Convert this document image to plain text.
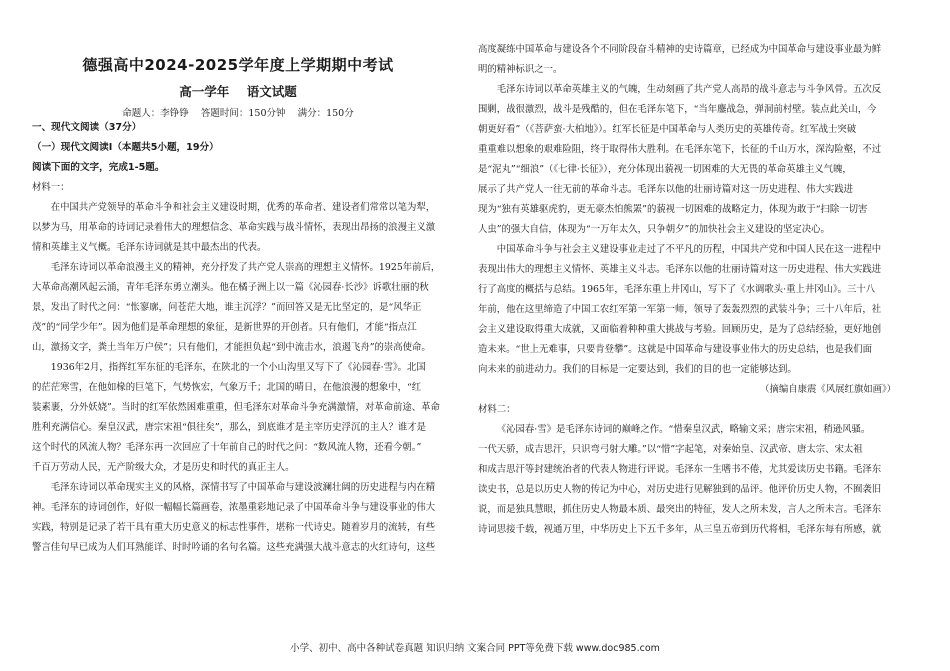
德强高中2024-2025学年度上学期期中考试
高一学年    语文试题
命题人：李铮铮    答题时间：150分钟    满分：150分
一、现代文阅读（37分）
（一）现代文阅读Ⅰ（本题共5小题，19分）
阅读下面的文字，完成1-5题。
材料一：
在中国共产党领导的革命斗争和社会主义建设时期，优秀的革命者、建设者们常常以笔为犁，
以梦为马，用革命的诗词记录着伟大的理想信念、革命实践与战斗情怀，表现出昂扬的浪漫主义激
情和英雄主义气概。毛泽东诗词就是其中最杰出的代表。
毛泽东诗词以革命浪漫主义的精神，充分抒发了共产党人崇高的理想主义情怀。1925年前后，
大革命高潮风起云涌，青年毛泽东勇立潮头。他在橘子洲上以一篇《沁园春·长沙》诉歌壮丽的秋
景，发出了时代之问：“怅寥廓，问苍茫大地，谁主沉浮？”而回答又是无比坚定的，是“风华正
茂”的“同学少年”。因为他们是革命理想的象征，是新世界的开创者。只有他们，才能“指点江
山，激扬文字，粪土当年万户侯”；只有他们，才能担负起“到中流击水，浪遏飞舟”的崇高使命。
1936年2月，指挥红军东征的毛泽东，在陕北的一个小山沟里又写下了《沁园春·雪》。北国
的茫茫寒雪，在他如椽的巨笔下，气势恢宏，气象万千；北国的晴日，在他浪漫的想象中，“红
装素裹，分外妖娆”。当时的红军依然困难重重，但毛泽东对革命斗争充满激情，对革命前途、革命
胜利充满信心。秦皇汉武，唐宗宋祖“俱往矣”，那么，到底谁才是主宰历史浮沉的主人？谁才是
这个时代的风流人物？毛泽东再一次回应了十年前自己的时代之问：“数风流人物，还看今朝。”
千百万劳动人民，无产阶级大众，才是历史和时代的真正主人。
毛泽东诗词以革命现实主义的风格，深情书写了中国革命与建设波澜壮阔的历史进程与内在精
神。毛泽东的诗词创作，好似一幅幅长篇画卷，浓墨重彩地记录了中国革命斗争与建设事业的伟大
实践，特别是记录了若干具有重大历史意义的标志性事件，堪称一代诗史。随着岁月的流转，有些
警言佳句早已成为人们耳熟能详、时时吟诵的名句名篇。这些充满强大战斗意志的火红诗句，这些
高度凝练中国革命与建设各个不同阶段奋斗精神的史诗篇章，已经成为中国革命与建设事业最为鲜
明的精神标识之一。
毛泽东诗词以革命英雄主义的气魄，生动刻画了共产党人高昂的战斗意志与斗争风骨。五次反
围剿，战很激烈，战斗是残酷的，但在毛泽东笔下，“当年鏖战急，弹洞前村壁。装点此关山，今
朝更好看”（《菩萨蛮·大柏地》）。红军长征是中国革命与人类历史的英雄传奇。红军战士突破
重重难以想象的艰难险阻，终于取得伟大胜利。在毛泽东笔下，长征的千山万水，深沟险壑，不过
是“泥丸”“细浪”（《七律·长征》），充分体现出藐视一切困难的大无畏的革命英雄主义气魄，
展示了共产党人一往无前的革命斗志。毛泽东以他的壮丽诗篇对这一历史进程、伟大实践进
现为“独有英雄驱虎豹，更无豪杰怕熊罴”的藐视一切困难的战略定力，体现为敢于“扫除一切害
人虫”的强大自信，体现为“一万年太久，只争朝夕”的加快社会主义建设的坚定决心。
中国革命斗争与社会主义建设事业走过了不平凡的历程，中国共产党和中国人民在这一进程中
表现出伟大的理想主义情怀、英雄主义斗志。毛泽东以他的壮丽诗篇对这一历史进程、伟大实践进
行了高度的概括与总结。1965年，毛泽东重上井冈山，写下了《水调歌头·重上井冈山》。三十八
年前，他在这里缔造了中国工农红军第一军第一师，领导了轰轰烈烈的武装斗争；三十八年后，社
会主义建设取得重大成就，又面临着种种重大挑战与考验。回顾历史，是为了总结经验，更好地创
造未来。“世上无难事，只要肯登攀”。这就是中国革命与建设事业伟大的历史总结，也是我们面
向未来的前进动力。我们的目标是一定要达到，我们的目的也一定能够达到。
（摘编自康震《风展红旗如画》）
材料二：
《沁园春·雪》是毛泽东诗词的巅峰之作。“惜秦皇汉武，略输文采；唐宗宋祖，稍逊风骚。
一代天骄，成吉思汗，只识弯弓射大雕。”以“惜”字起笔，对秦始皇、汉武帝、唐太宗、宋太祖
和成吉思汗等封建统治者的代表人物进行评说。毛泽东一生嗜书不倦，尤其爱读历史书籍。毛泽东
读史书，总是以历史人物的传记为中心，对历史进行见解独到的品评。他评价历史人物，不囿袭旧
说，而是独具慧眼，抓住历史人物最本质、最突出的特征，发人之所未发，言人之所未言。毛泽东
诗词思接千载，视通万里，中华历史上下五千多年，从三皇五帝到历代将相，毛泽东每有所感，就
小学、初中、高中各种试卷真题 知识归纳 文案合同 PPT等免费下载 www.doc985.com
